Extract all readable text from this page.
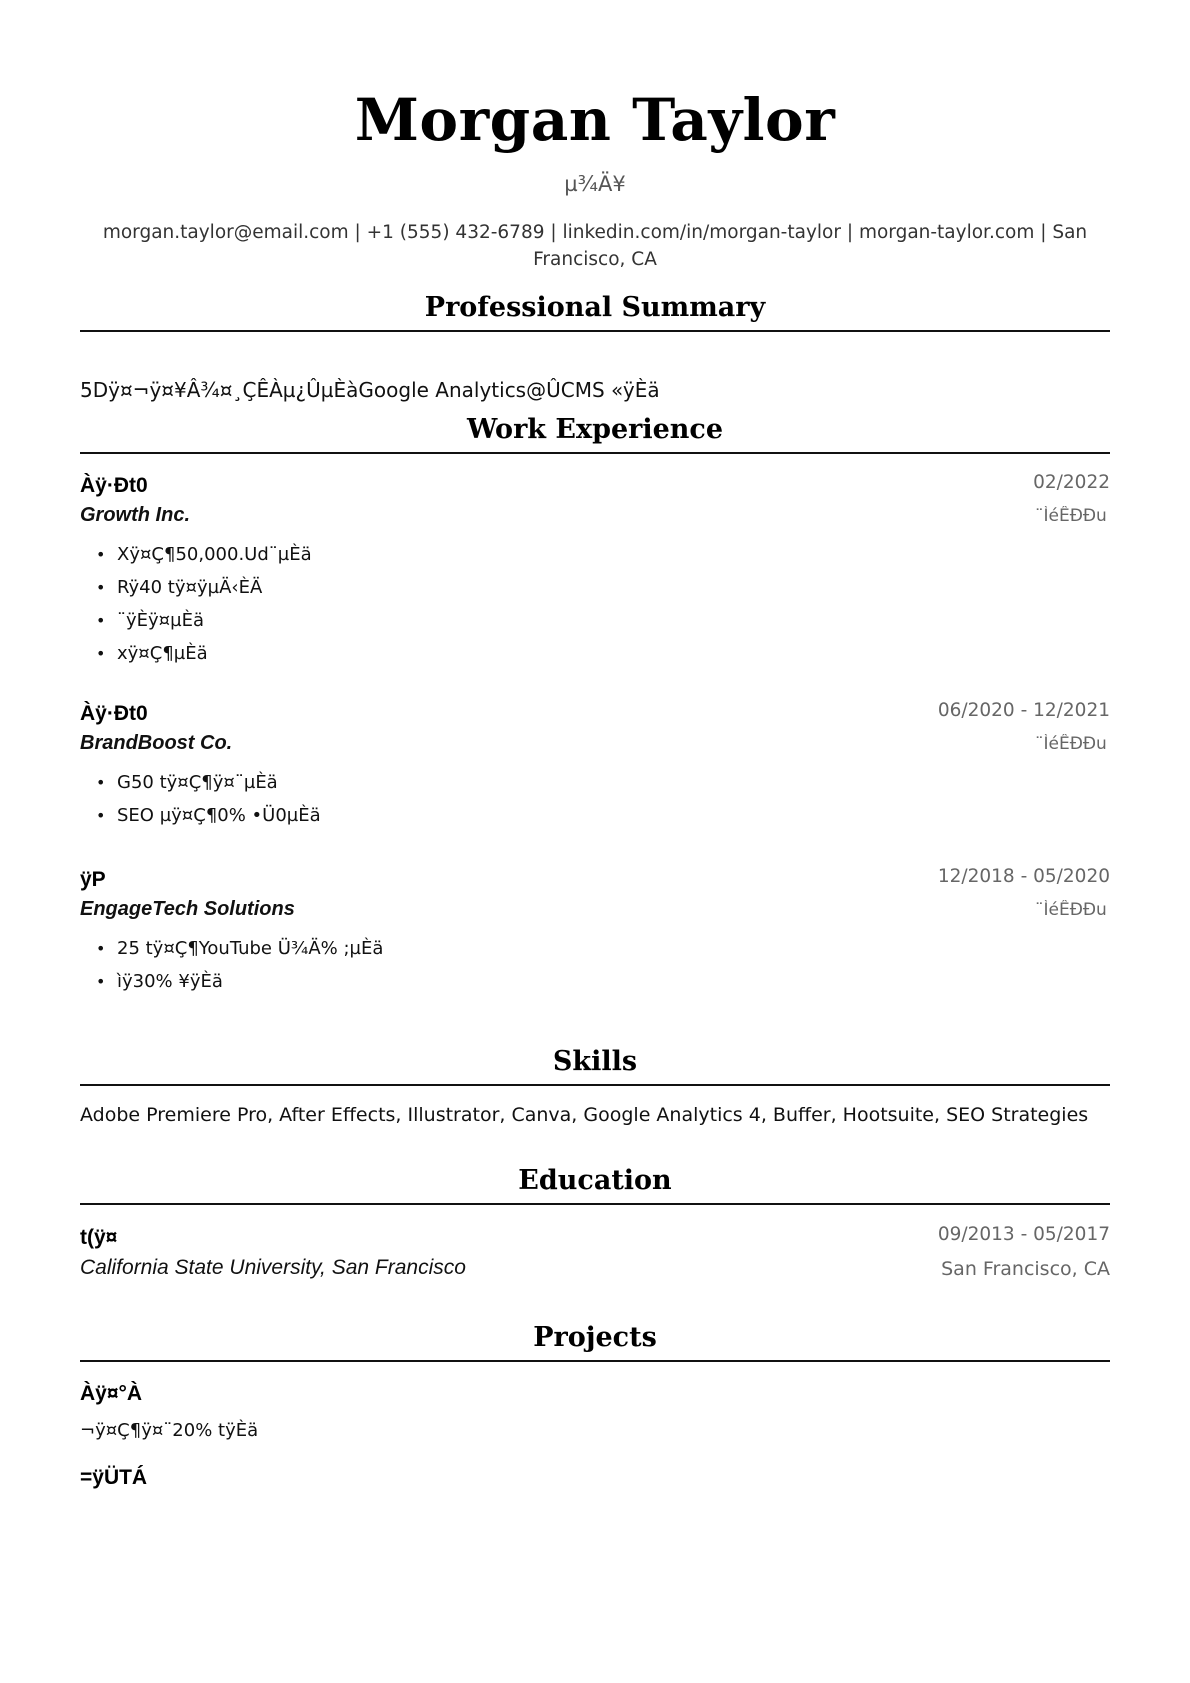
Morgan Taylor
µ¾Ä¥
morgan.taylor@email.com | +1 (555) 432-6789 | linkedin.com/in/morgan-taylor | morgan-taylor.com | San Francisco, CA
Professional Summary
5Dÿ¤¬ÿ¤¥Â¾¤¸ÇÊÀµ¿ÛµÈàGoogle Analytics@ÛCMS «ÿÈä
Work Experience
Àÿ·Ðt0	02/2022
Growth Inc.	¨ÌéÊÐÐu
• Xÿ¤Ç¶50,000.Ud¨µÈä
• Rÿ40 tÿ¤ÿµÄ‹ÈÄ
• ¨ÿÈÿ¤µÈä
• xÿ¤Ç¶µÈä
Àÿ·Ðt0	06/2020 - 12/2021
BrandBoost Co.	¨ÌéÊÐÐu
• G50 tÿ¤Ç¶ÿ¤¨µÈä
• SEO µÿ¤Ç¶0% •Ü0µÈä
ÿP	12/2018 - 05/2020
EngageTech Solutions	¨ÌéÊÐÐu
• 25 tÿ¤Ç¶YouTube Ü¾Ä% ;µÈä
• ìÿ30% ¥ÿÈä
Skills
Adobe Premiere Pro, After Effects, Illustrator, Canva, Google Analytics 4, Buffer, Hootsuite, SEO Strategies
Education
t(ÿ¤	09/2013 - 05/2017
California State University, San Francisco	San Francisco, CA
Projects
Àÿ¤°À
¬ÿ¤Ç¶ÿ¤¨20% tÿÈä
=ÿÜTÁ
